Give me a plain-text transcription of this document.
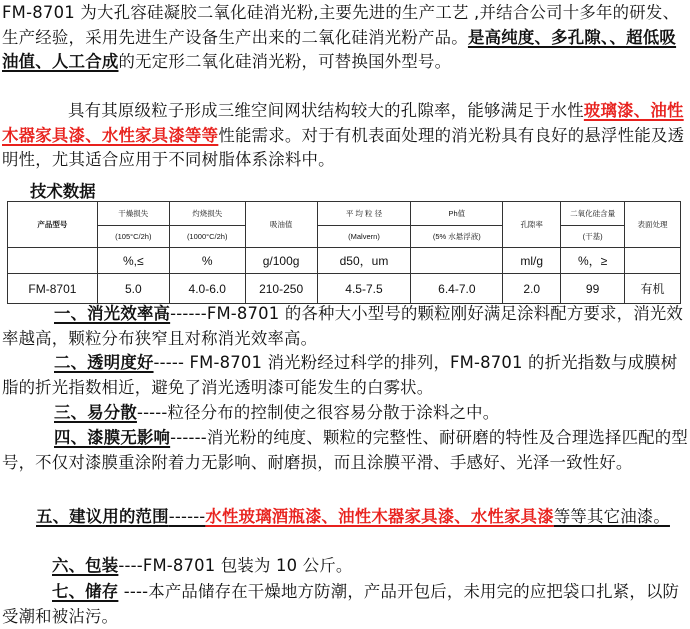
FM-8701 为大孔容硅凝胶二氧化硅消光粉,主要先进的生产工艺 ,并结合公司十多年的研发、生产经验，采用先进生产设备生产出来的二氧化硅消光粉产品。是高纯度、多孔隙、、超低吸油值、人工合成的无定形二氧化硅消光粉，可替换国外型号。

具有其原级粒子形成三维空间网状结构较大的孔隙率，能够满足于水性玻璃漆、油性木器家具漆、水性家具漆等等性能需求。对于有机表面处理的消光粉具有良好的悬浮性能及透明性，尤其适合应用于不同树脂体系涂料中。

技术数据
产品型号	干燥损失	灼烧损失	吸油值	平 均 粒 径	Ph值	孔隙率	二氧化硅含量	表面处理
	(105°C/2h)	(1000°C/2h)		(Malvern)	(5% 水悬浮液)		(干基)	
	%,≤	%	g/100g	d50，um		ml/g	%，≥	
FM-8701	5.0	4.0-6.0	210-250	4.5-7.5	6.4-7.0	2.0	99	有机

一、消光效率高------FM-8701 的各种大小型号的颗粒刚好满足涂料配方要求，消光效率越高，颗粒分布狭窄且对称消光效率高。

二、透明度好----- FM-8701 消光粉经过科学的排列，FM-8701 的折光指数与成膜树脂的折光指数相近，避免了消光透明漆可能发生的白雾状。

三、易分散-----粒径分布的控制使之很容易分散于涂料之中。

四、漆膜无影响------消光粉的纯度、颗粒的完整性、耐研磨的特性及合理选择匹配的型号，不仅对漆膜重涂附着力无影响、耐磨损，而且涂膜平滑、手感好、光泽一致性好。

五、建议用的范围------水性玻璃酒瓶漆、油性木器家具漆、水性家具漆等等其它油漆。

六、包装----FM-8701 包装为 10 公斤。

七、储存 ----本产品储存在干燥地方防潮，产品开包后，未用完的应把袋口扎紧，以防受潮和被沾污。
